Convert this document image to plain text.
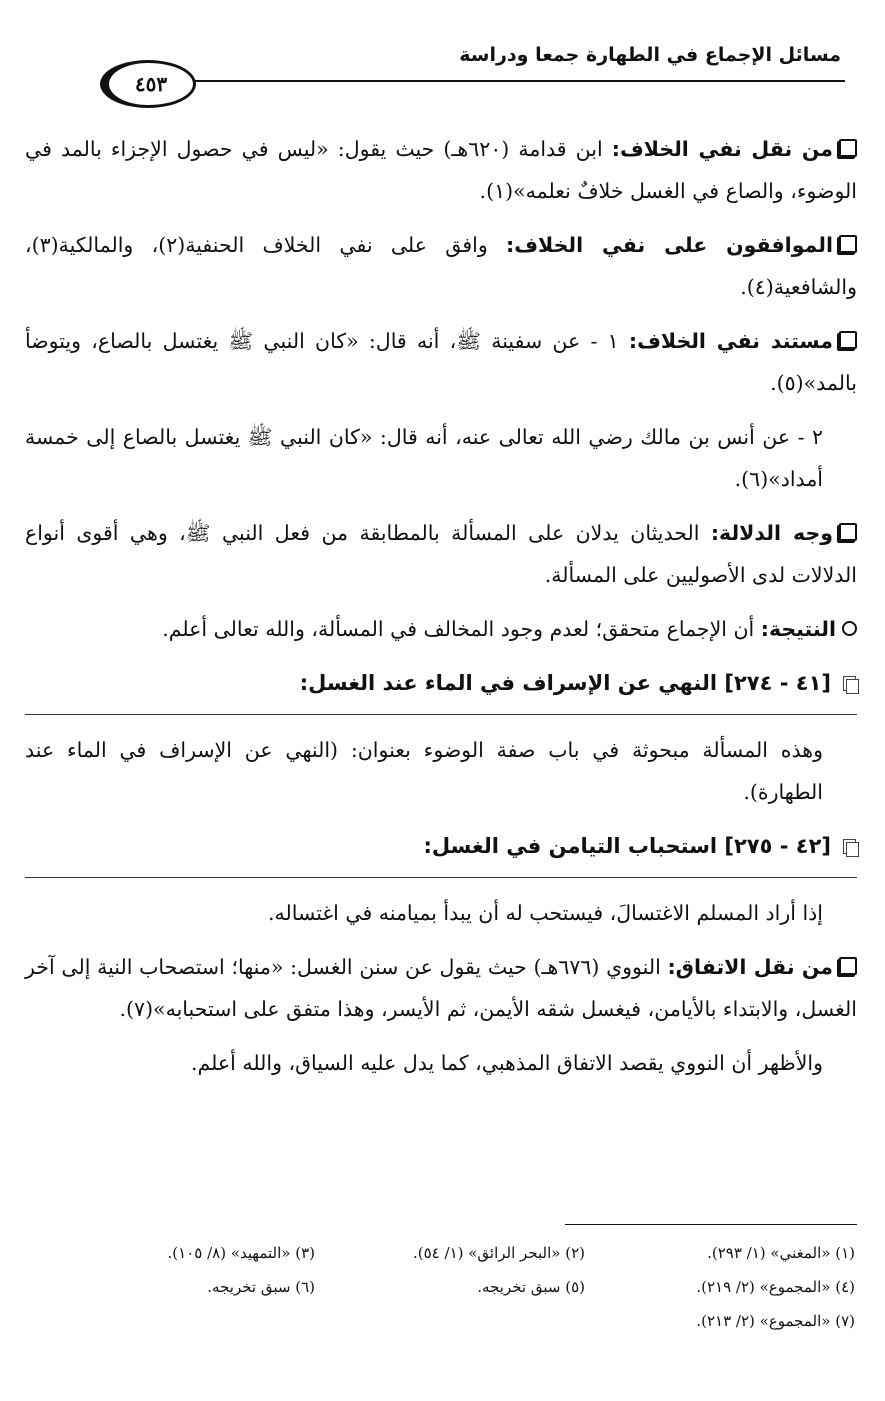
مسائل الإجماع في الطهارة جمعا ودراسة
٤٥٣

من نقل نفي الخلاف: ابن قدامة (٦٢٠هـ) حيث يقول: «ليس في حصول الإجزاء بالمد في الوضوء، والصاع في الغسل خلافٌ نعلمه»(١).

الموافقون على نفي الخلاف: وافق على نفي الخلاف الحنفية(٢)، والمالكية(٣)، والشافعية(٤).

مستند نفي الخلاف: ١ - عن سفينة ﷺ، أنه قال: «كان النبي ﷺ يغتسل بالصاع، ويتوضأ بالمد»(٥).

٢ - عن أنس بن مالك رضي الله تعالى عنه، أنه قال: «كان النبي ﷺ يغتسل بالصاع إلى خمسة أمداد»(٦).

وجه الدلالة: الحديثان يدلان على المسألة بالمطابقة من فعل النبي ﷺ، وهي أقوى أنواع الدلالات لدى الأصوليين على المسألة.

النتيجة: أن الإجماع متحقق؛ لعدم وجود المخالف في المسألة، والله تعالى أعلم.

[٤١ - ٢٧٤] النهي عن الإسراف في الماء عند الغسل:

وهذه المسألة مبحوثة في باب صفة الوضوء بعنوان: (النهي عن الإسراف في الماء عند الطهارة).

[٤٢ - ٢٧٥] استحباب التيامن في الغسل:

إذا أراد المسلم الاغتسالَ، فيستحب له أن يبدأ بميامنه في اغتساله.

من نقل الاتفاق: النووي (٦٧٦هـ) حيث يقول عن سنن الغسل: «منها؛ استصحاب النية إلى آخر الغسل، والابتداء بالأيامن، فيغسل شقه الأيمن، ثم الأيسر، وهذا متفق على استحبابه»(٧).

والأظهر أن النووي يقصد الاتفاق المذهبي، كما يدل عليه السياق، والله أعلم.

(١) «المغني» (١/ ٢٩٣).
(٢) «البحر الرائق» (١/ ٥٤).
(٣) «التمهيد» (٨/ ١٠٥).
(٤) «المجموع» (٢/ ٢١٩).
(٥) سبق تخريجه.
(٦) سبق تخريجه.
(٧) «المجموع» (٢/ ٢١٣).
